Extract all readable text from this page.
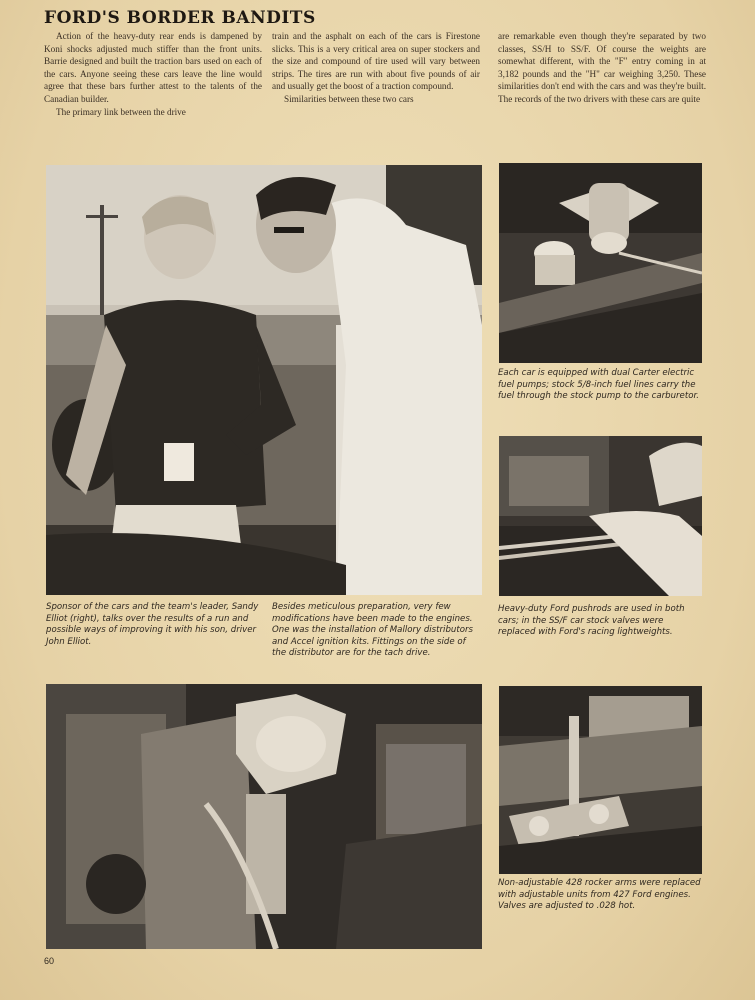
FORD'S BORDER BANDITS

Action of the heavy-duty rear ends is dampened by Koni shocks adjusted much stiffer than the front units. Barrie designed and built the traction bars used on each of the cars. Anyone seeing these cars leave the line would agree that these bars further attest to the talents of the Canadian builder.

The primary link between the drive

train and the asphalt on each of the cars is Firestone slicks. This is a very critical area on super stockers and the size and compound of tire used will vary between strips. The tires are run with about five pounds of air and usually get the boost of a traction compound.

Similarities between these two cars

are remarkable even though they're separated by two classes, SS/H to SS/F. Of course the weights are somewhat different, with the "F" entry coming in at 3,182 pounds and the "H" car weighing 3,250. These similarities don't end with the cars and was they're built. The records of the two drivers with these cars are quite

Each car is equipped with dual Carter electric fuel pumps; stock 5/8-inch fuel lines carry the fuel through the stock pump to the carburetor.
Sponsor of the cars and the team's leader, Sandy Elliot (right), talks over the results of a run and possible ways of improving it with his son, driver John Elliot.
Besides meticulous preparation, very few modifications have been made to the engines. One was the installation of Mallory distributors and Accel ignition kits. Fittings on the side of the distributor are for the tach drive.
Heavy-duty Ford pushrods are used in both cars; in the SS/F car stock valves were replaced with Ford's racing lightweights.
Non-adjustable 428 rocker arms were replaced with adjustable units from 427 Ford engines. Valves are adjusted to .028 hot.
60
